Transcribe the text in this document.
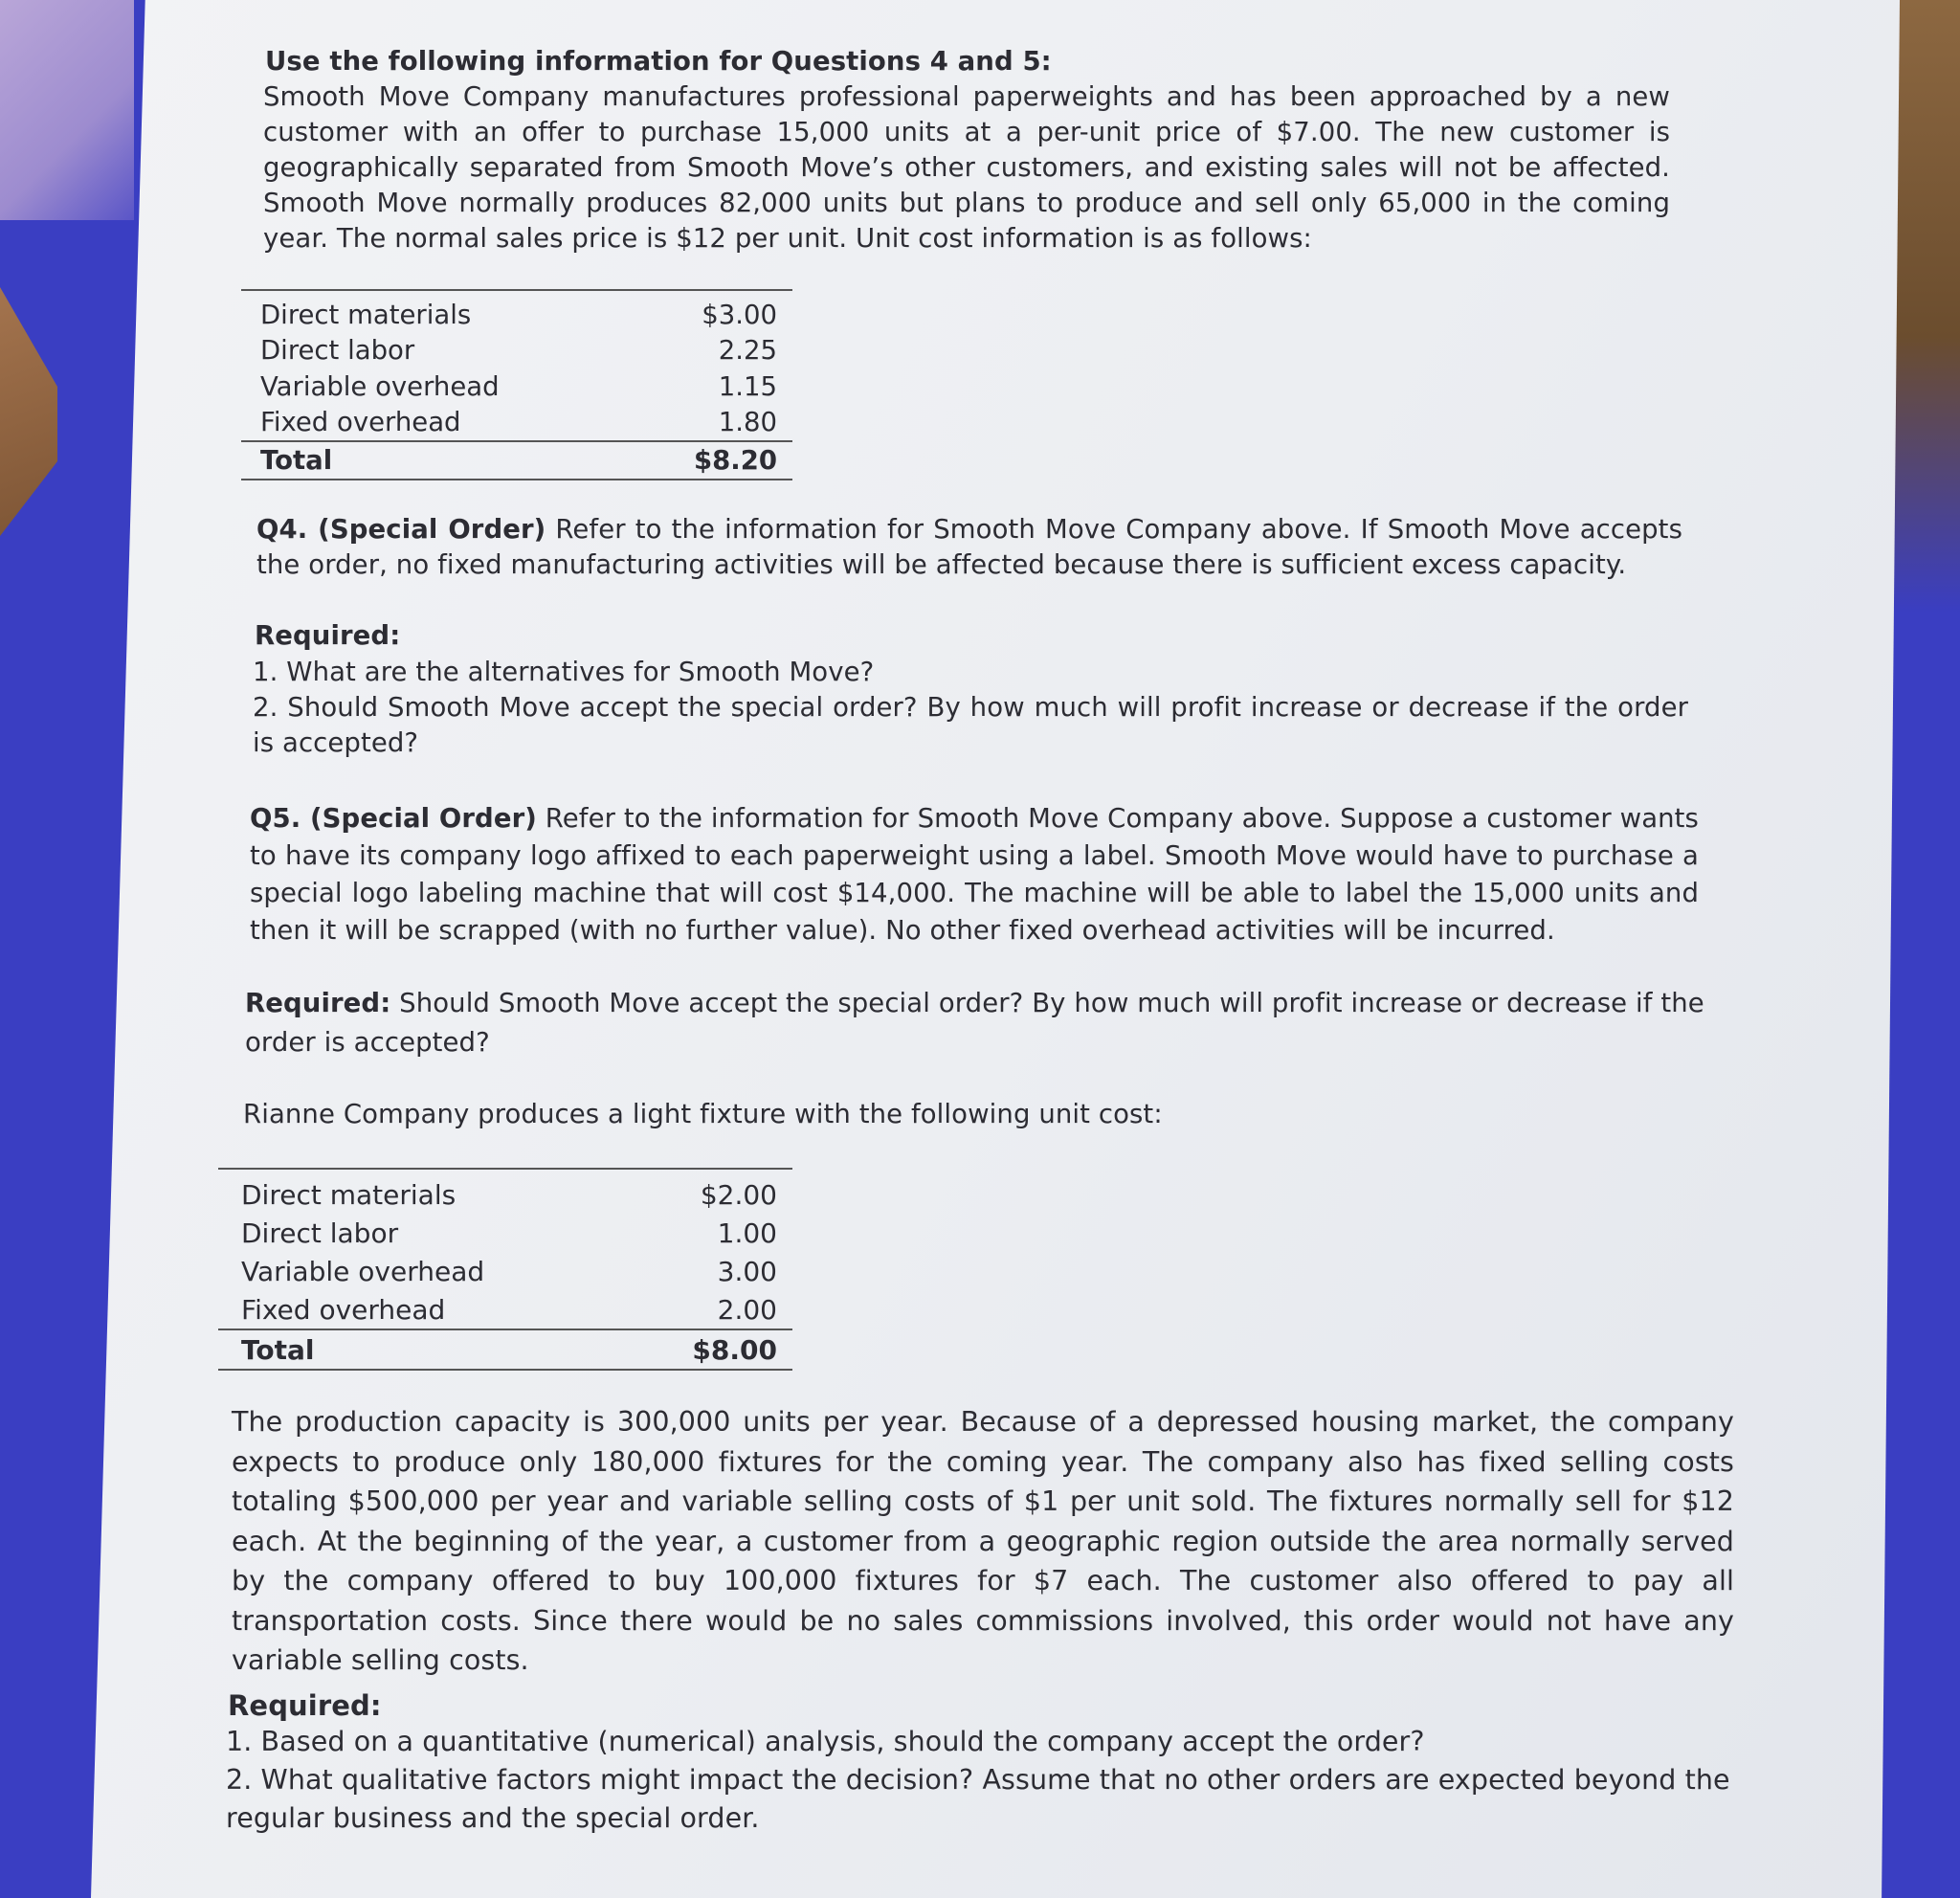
Use the following information for Questions 4 and 5:
Smooth Move Company manufactures professional paperweights and has been approached by a new customer with an offer to purchase 15,000 units at a per-unit price of $7.00. The new customer is geographically separated from Smooth Move’s other customers, and existing sales will not be affected. Smooth Move normally produces 82,000 units but plans to produce and sell only 65,000 in the coming year. The normal sales price is $12 per unit. Unit cost information is as follows:
Direct materials	$3.00
Direct labor	2.25
Variable overhead	1.15
Fixed overhead	1.80
Total	$8.20
Q4. (Special Order) Refer to the information for Smooth Move Company above. If Smooth Move accepts the order, no fixed manufacturing activities will be affected because there is sufficient excess capacity.
Required:
1. What are the alternatives for Smooth Move?
2. Should Smooth Move accept the special order? By how much will profit increase or decrease if the order is accepted?
Q5. (Special Order) Refer to the information for Smooth Move Company above. Suppose a customer wants to have its company logo affixed to each paperweight using a label. Smooth Move would have to purchase a special logo labeling machine that will cost $14,000. The machine will be able to label the 15,000 units and then it will be scrapped (with no further value). No other fixed overhead activities will be incurred.
Required: Should Smooth Move accept the special order? By how much will profit increase or decrease if the order is accepted?
Rianne Company produces a light fixture with the following unit cost:
Direct materials	$2.00
Direct labor	1.00
Variable overhead	3.00
Fixed overhead	2.00
Total	$8.00
The production capacity is 300,000 units per year. Because of a depressed housing market, the company expects to produce only 180,000 fixtures for the coming year. The company also has fixed selling costs totaling $500,000 per year and variable selling costs of $1 per unit sold. The fixtures normally sell for $12 each. At the beginning of the year, a customer from a geographic region outside the area normally served by the company offered to buy 100,000 fixtures for $7 each. The customer also offered to pay all transportation costs. Since there would be no sales commissions involved, this order would not have any variable selling costs.
Required:
1. Based on a quantitative (numerical) analysis, should the company accept the order?
2. What qualitative factors might impact the decision? Assume that no other orders are expected beyond the regular business and the special order.
